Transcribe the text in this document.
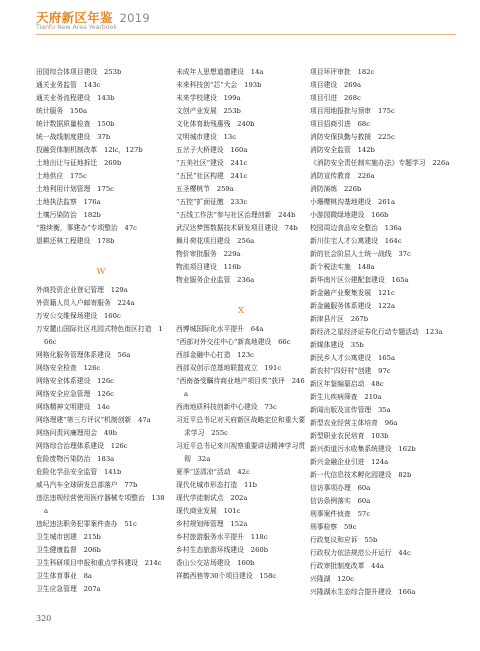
天府新区年鉴 2019
Tianfu New Area Yearbook
田园综合体项目建设　253b
通关业务监管　143c
通关业务流程建设　143b
统计服务　150a
统计数据质量检查　150b
统一战线制度建设　37b
投融资体制机制改革　12lc，127b
土地出让与征地拆迁　269b
土地供应　175c
土地利用计划管理　175c
土地执法监察　176a
土壤污染防治　182b
“推续衡，事建办”专项整治　47c
退耕还林工程建设　178b
W
外商投资企业登记管理　129a
外资籍人员入户邮寄服务　224a
万安公交维保场建设　160c
万安麓山国际社区兆园式特色街区打造　166c
网格化服务管理体系建设　56a
网络安全检查　126c
网络安全体系建设　126c
网络安全应急管理　126c
网络精神文明建设　14e
网络理建“第三方评议”机制创新　47a
网络问责问廉理用会　49b
网络综合治理体系建设　126c
危险废物污染防治　183a
危险化学品安全监管　141b
威马汽车全球研发总部落户　77b
违法违规经营使用医疗器械专项整治　138a
违纪违法职务犯罪案件查办　51c
卫生城市创建　215b
卫生健康监督　206b
卫生科研项目申报和重点学科建设　214c
卫生体育事业　8a
卫生应急管理　207a
未成年人思想道德建设　14a
未来科技创“芯”大会　193b
未来学校建设　199a
文创产业发展　253b
文化体育助残惠残　240b
文明城市建设　13c
五岔子大桥建设　160a
“五美社区”建设　241c
“五民”社区构建　241c
五圣樱桃节　259a
“五控”扩面征缴　233c
“五线工作法”参与社区治理创新　244b
武汉达梦图数据技术研发项目建设　74b
舞月荷花项目建设　256a
物价审批服务　229a
物流项目建设　116b
物业服务企业监管　236a
X
西博城国际化水平提升　64a
“西部对外交往中心”新高地建设　66c
西部金融中心打造　123c
西部双创示范基地联盟成立　191c
“西南备受瞩待商业地产项目奖”获评　246a
西南地质科技创新中心建设　73c
习近平总书记对天府新区战略定位和重大要求学习　255c
习近平总书记来川视察重要讲话精神学习贯彻　32a
夏季“送清凉”活动　42c
现代化城市形态打造　11b
现代学徒制试点　202a
现代商业发展　101c
乡村规划师管理　152a
乡村旅游服务水平提升　118c
乡村生态旅游环线建设　260b
香山公交站场建设　160b
祥鹤西巷等30个项目建设　158c
项目环评审批　182c
项目建设　269a
项目引进　268c
项目用地报批与预审　175c
项目招商引进　68c
消防安保执勤与救援　225c
消防安全监管　142b
《消防安全责任制实施办法》专题学习　226a
消防宣传教育　226a
消防演练　226b
小珊樱桃沟基地建设　261a
小游园微绿地建设　166b
校园周边食品安全整治　136a
新川住宅人才公寓建设　164c
新的社会阶层人士统一战线　37c
新个税法实施　148a
新华南片区公建配套建设　165a
新金融产业聚集发展　121c
新金融服务体系建设　122a
新津县片区　267b
新经济之星经济证券化行动专题活动　123a
新媒体建设　35b
新民乡人才公寓建设　165a
新农村“四好村”创建　97c
新区年鉴编纂启动　48c
新生儿疾病筛查　210a
新闻出版及宣传管理　35a
新型农业经营主体培育　96a
新型职业农民培育　103b
新兴街道污水收集系统建设　162b
新兴金融企业引进　124a
新一代信息技术孵化园建设　82b
信访事项办理　60a
信访条例落实　60a
刑事案件侦查　57c
刑事检察　59c
行政复议和应诉　55b
行政权力依法规范公开运行　44c
行政审批制度改革　44a
兴隆湖　120c
兴隆湖水生态综合提升建设　166a
320
